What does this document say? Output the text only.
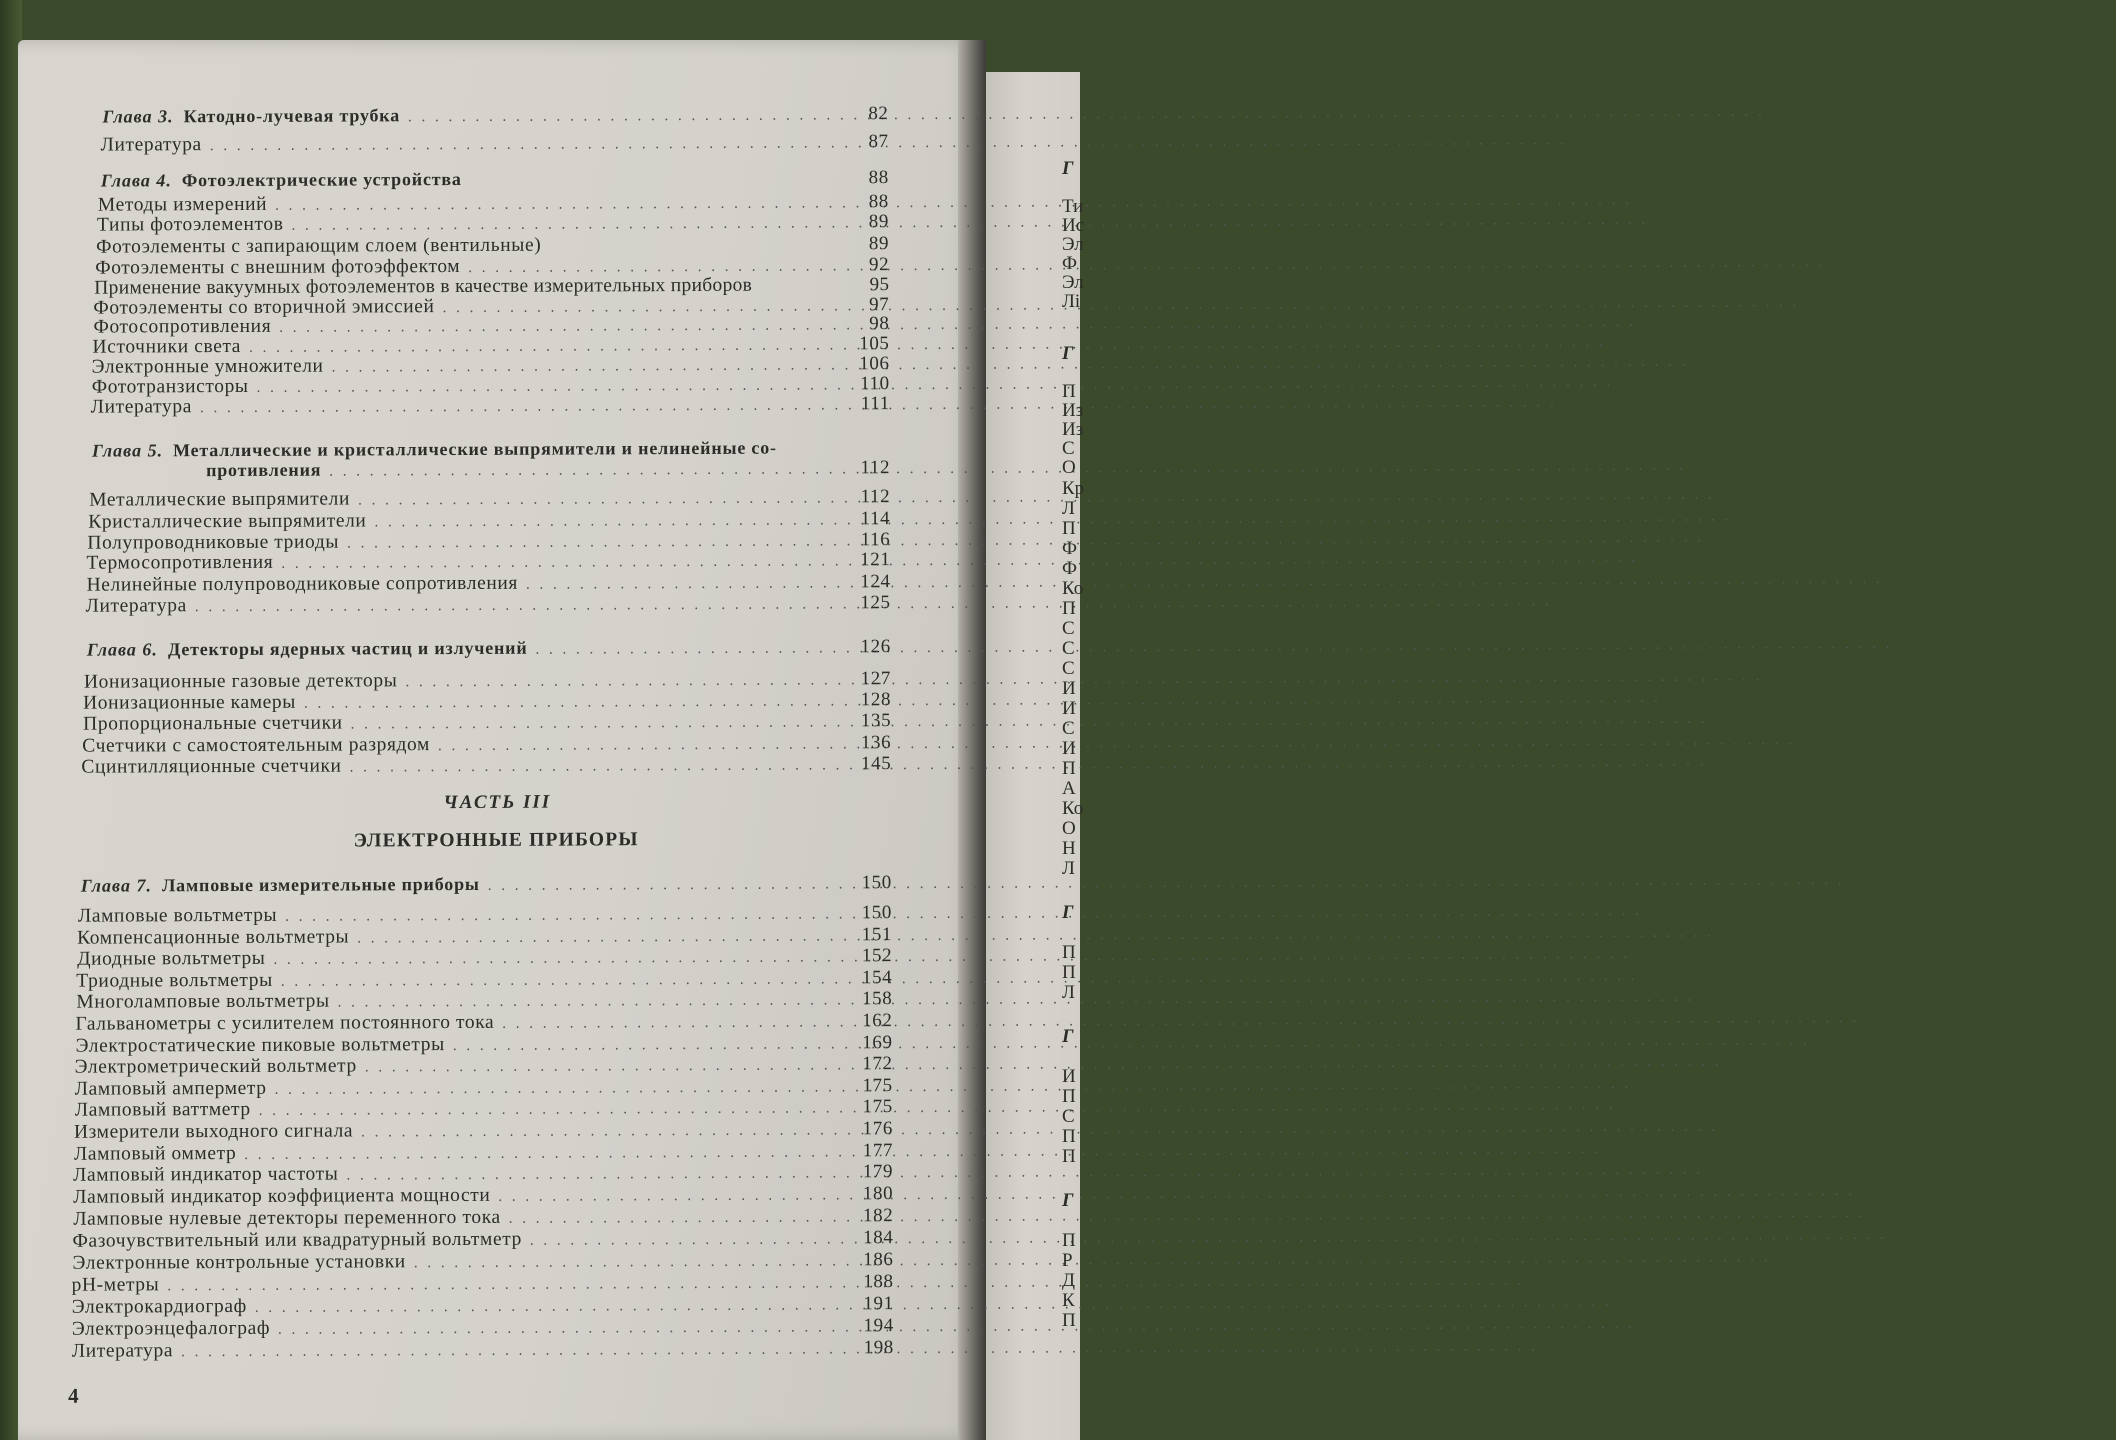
Глава 3. Катодно-лучевая трубка . . .	82
Литература . . .	87
Глава 4. Фотоэлектрические устройства	88
Методы измерений . . .	88
Типы фотоэлементов . . .	89
Фотоэлементы с запирающим слоем (вентильные)	89
Фотоэлементы с внешним фотоэффектом . . .	92
Применение вакуумных фотоэлементов в качестве измерительных приборов	95
Фотоэлементы со вторичной эмиссией . . .	97
Фотосопротивления . . .	98
Источники света . . .	105
Электронные умножители . . .	106
Фототранзисторы . . .	110
Литература . . .	111
Глава 5. Металлические и кристаллические выпрямители и нелинейные со-
противления . . .	112
Металлические выпрямители . . .	112
Кристаллические выпрямители . . .	114
Полупроводниковые триоды . . .	116
Термосопротивления . . .	121
Нелинейные полупроводниковые сопротивления . . .	124
Литература . . .	125
Глава 6. Детекторы ядерных частиц и излучений . . .	126
Ионизационные газовые детекторы . . .	127
Ионизационные камеры . . .	128
Пропорциональные счетчики . . .	135
Счетчики с самостоятельным разрядом . . .	136
Сцинтилляционные счетчики . . .	145
ЧАСТЬ III
ЭЛЕКТРОННЫЕ ПРИБОРЫ
Глава 7. Ламповые измерительные приборы . . .	150
Ламповые вольтметры . . .	150
Компенсационные вольтметры . . .	151
Диодные вольтметры . . .	152
Триодные вольтметры . . .	154
Многоламповые вольтметры . . .	158
Гальванометры с усилителем постоянного тока . . .	162
Электростатические пиковые вольтметры . . .	169
Электрометрический вольтметр . . .	172
Ламповый амперметр . . .	175
Ламповый ваттметр . . .	175
Измерители выходного сигнала . . .	176
Ламповый омметр . . .	177
Ламповый индикатор частоты . . .	179
Ламповый индикатор коэффициента мощности . . .	180
Ламповые нулевые детекторы переменного тока . . .	182
Фазочувствительный или квадратурный вольтметр . . .	184
Электронные контрольные установки . . .	186
pH-метры . . .	188
Электрокардиограф . . .	191
Электроэнцефалограф . . .	194
Литература . . .	198
4
Г
Ти
Ис
Эл
Ф
Эл
Лі
Г
П
Из
Из
С
О
Кр
Л
П
Ф
Ф
Ко
П
С
С
С
И
И
С
И
П
А
Ко
О
Н
Л
Г
П
П
Л
Г
И
П
С
П
П
Г
П
Р
Д
К
П
